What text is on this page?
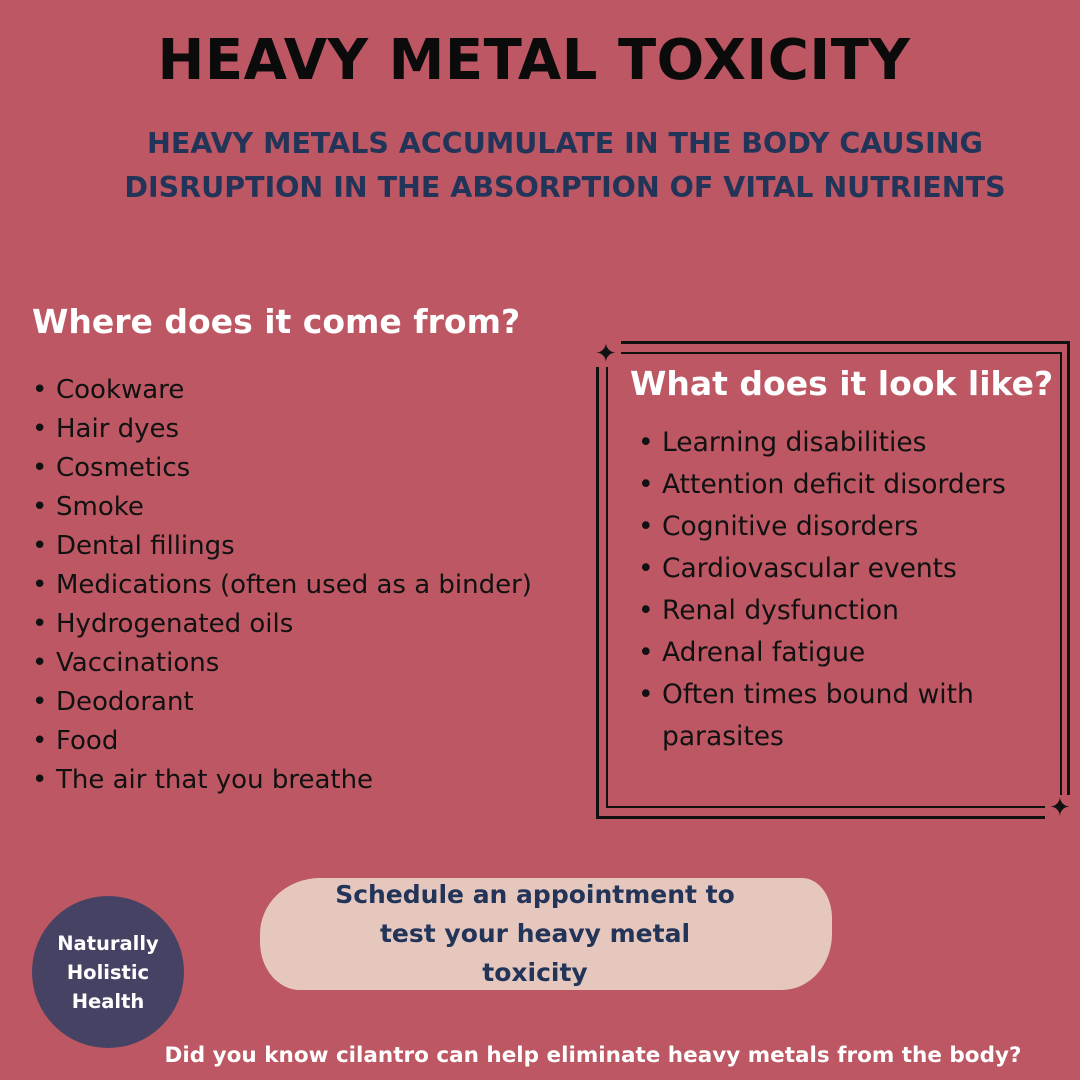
HEAVY METAL TOXICITY

HEAVY METALS ACCUMULATE IN THE BODY CAUSING DISRUPTION IN THE ABSORPTION OF VITAL NUTRIENTS

Where does it come from?
• Cookware
• Hair dyes
• Cosmetics
• Smoke
• Dental fillings
• Medications (often used as a binder)
• Hydrogenated oils
• Vaccinations
• Deodorant
• Food
• The air that you breathe
✦
✦
What does it look like?
• Learning disabilities
• Attention deficit disorders
• Cognitive disorders
• Cardiovascular events
• Renal dysfunction
• Adrenal fatigue
• Often times bound with parasites

Schedule an appointment to test your heavy metal toxicity

Naturally Holistic Health

Did you know cilantro can help eliminate heavy metals from the body?
